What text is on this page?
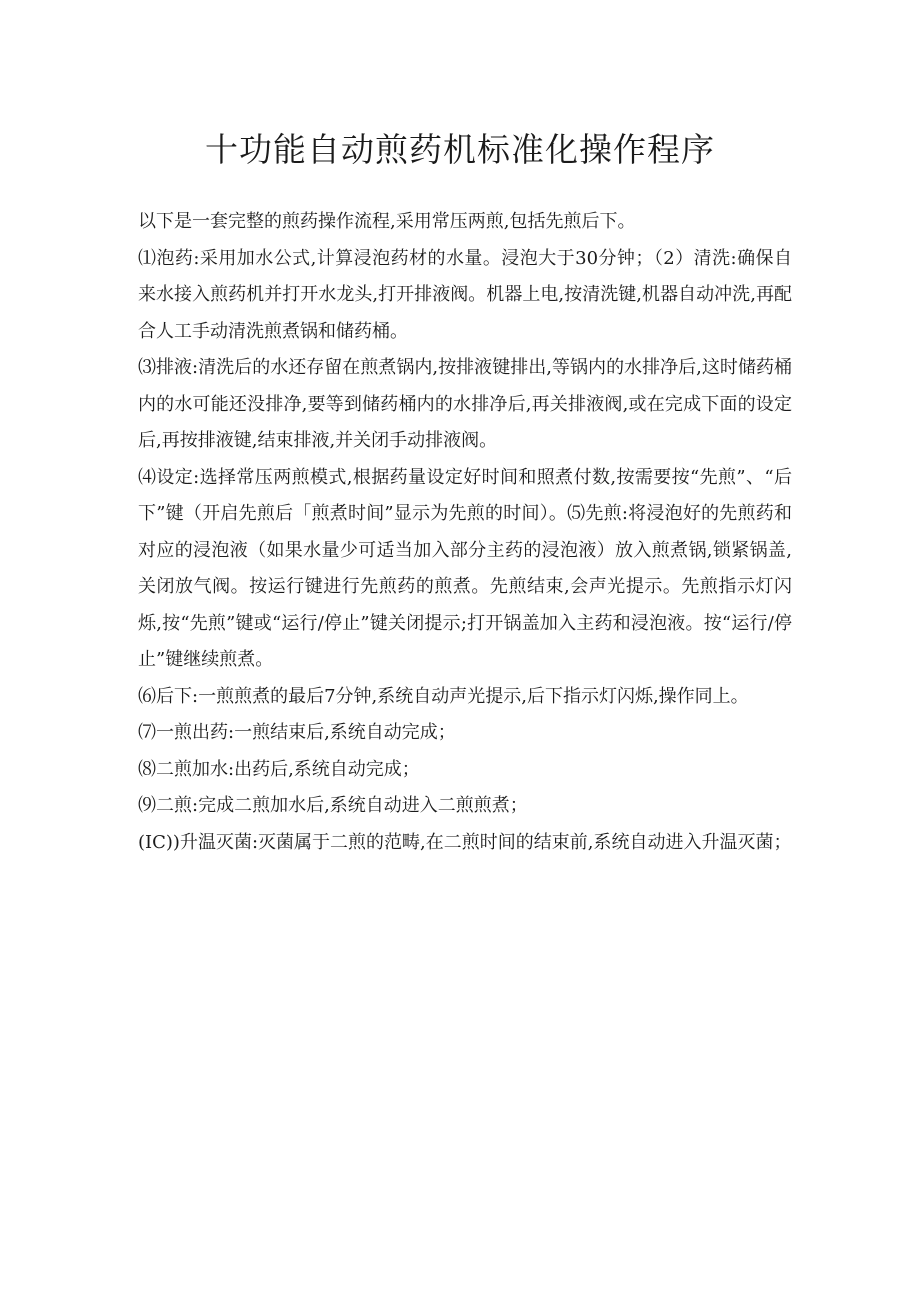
十功能自动煎药机标准化操作程序

以下是一套完整的煎药操作流程,采用常压两煎,包括先煎后下。

⑴泡药:采用加水公式,计算浸泡药材的水量。浸泡大于30分钟；（2）清洗:确保自来水接入煎药机并打开水龙头,打开排液阀。机器上电,按清洗键,机器自动冲洗,再配合人工手动清洗煎煮锅和储药桶。

⑶排液:清洗后的水还存留在煎煮锅内,按排液键排出,等锅内的水排净后,这时储药桶内的水可能还没排净,要等到储药桶内的水排净后,再关排液阀,或在完成下面的设定后,再按排液键,结束排液,并关闭手动排液阀。

⑷设定:选择常压两煎模式,根据药量设定好时间和照煮付数,按需要按“先煎”、“后下”键（开启先煎后「煎煮时间”显示为先煎的时间）。⑸先煎:将浸泡好的先煎药和对应的浸泡液（如果水量少可适当加入部分主药的浸泡液）放入煎煮锅,锁紧锅盖,关闭放气阀。按运行键进行先煎药的煎煮。先煎结束,会声光提示。先煎指示灯闪烁,按“先煎”键或“运行/停止”键关闭提示;打开锅盖加入主药和浸泡液。按“运行/停止”键继续煎煮。

⑹后下:一煎煎煮的最后7分钟,系统自动声光提示,后下指示灯闪烁,操作同上。

⑺一煎出药:一煎结束后,系统自动完成；

⑻二煎加水:出药后,系统自动完成；

⑼二煎:完成二煎加水后,系统自动进入二煎煎煮；

(IC))升温灭菌:灭菌属于二煎的范畴,在二煎时间的结束前,系统自动进入升温灭菌；
